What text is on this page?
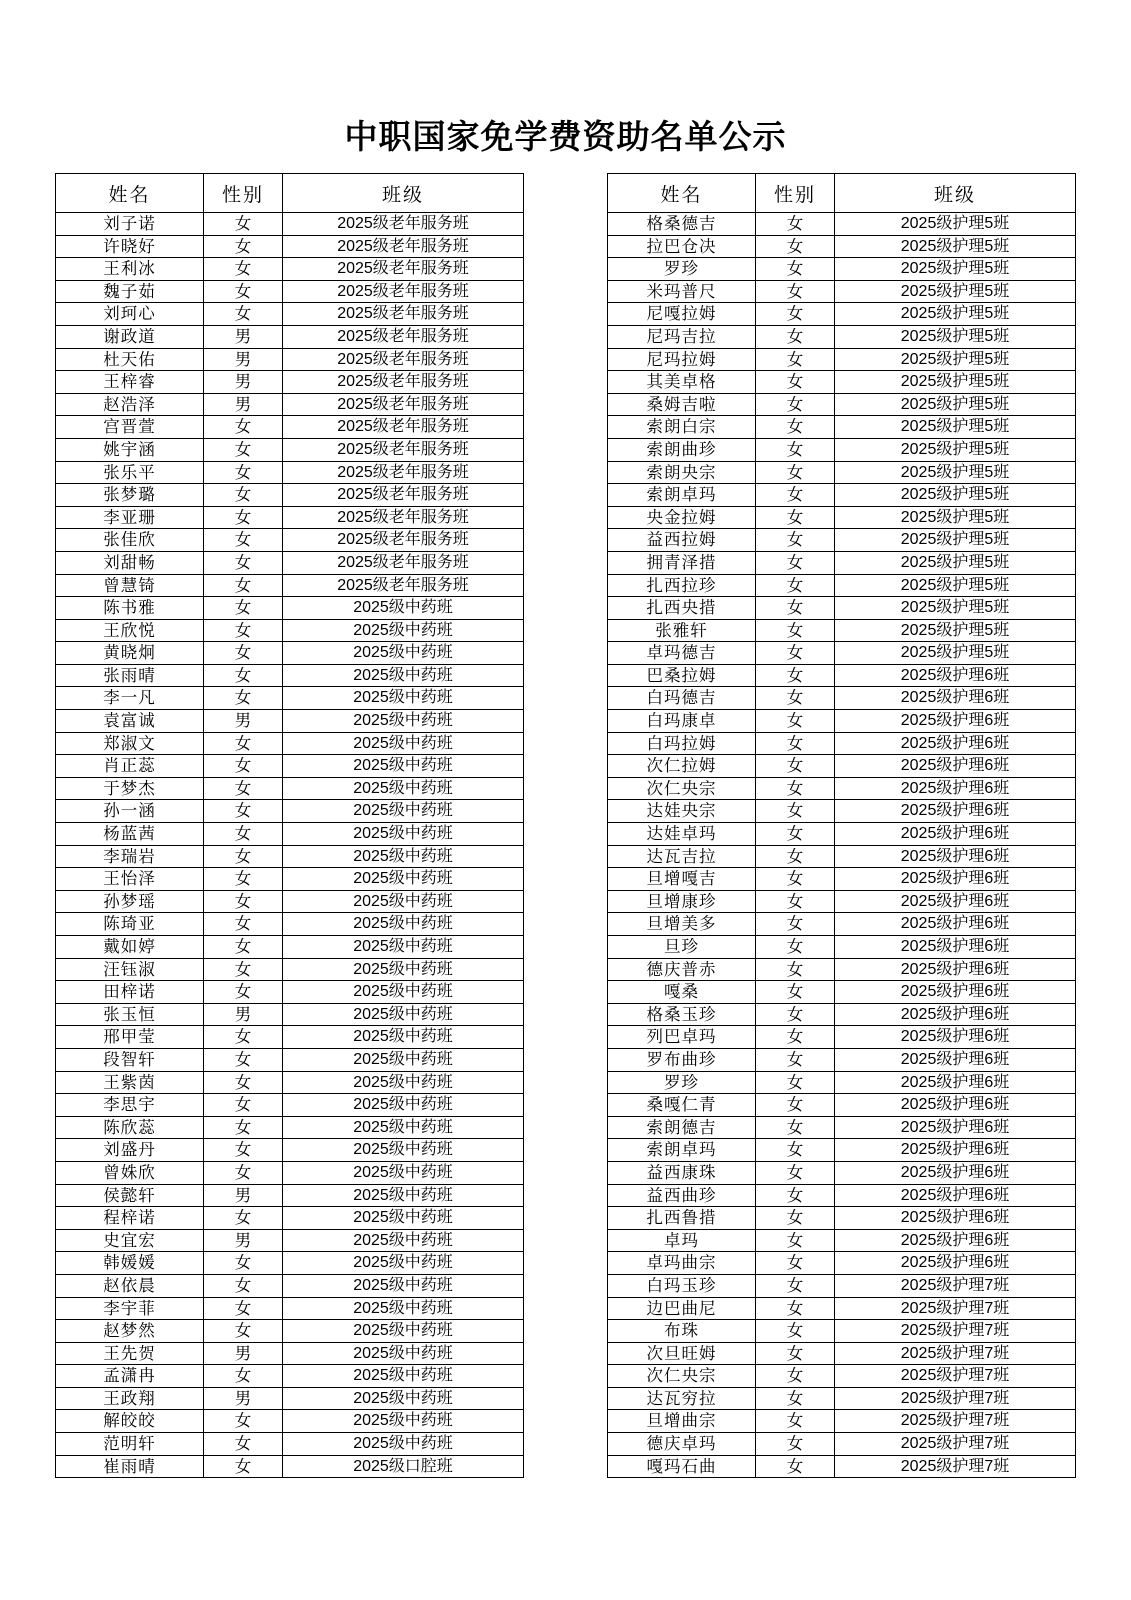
中职国家免学费资助名单公示
姓名	性别	班级
刘子诺	女	2025级老年服务班
许晓好	女	2025级老年服务班
王利冰	女	2025级老年服务班
魏子茹	女	2025级老年服务班
刘珂心	女	2025级老年服务班
谢政道	男	2025级老年服务班
杜天佑	男	2025级老年服务班
王梓睿	男	2025级老年服务班
赵浩泽	男	2025级老年服务班
宫晋萱	女	2025级老年服务班
姚宇涵	女	2025级老年服务班
张乐平	女	2025级老年服务班
张梦璐	女	2025级老年服务班
李亚珊	女	2025级老年服务班
张佳欣	女	2025级老年服务班
刘甜畅	女	2025级老年服务班
曾慧锜	女	2025级老年服务班
陈书雅	女	2025级中药班
王欣悦	女	2025级中药班
黄晓炯	女	2025级中药班
张雨晴	女	2025级中药班
李一凡	女	2025级中药班
袁富诚	男	2025级中药班
郑淑文	女	2025级中药班
肖正蕊	女	2025级中药班
于梦杰	女	2025级中药班
孙一涵	女	2025级中药班
杨蓝茜	女	2025级中药班
李瑞岩	女	2025级中药班
王怡泽	女	2025级中药班
孙梦瑶	女	2025级中药班
陈琦亚	女	2025级中药班
戴如婷	女	2025级中药班
汪钰淑	女	2025级中药班
田梓诺	女	2025级中药班
张玉恒	男	2025级中药班
邢甲莹	女	2025级中药班
段智轩	女	2025级中药班
王紫茵	女	2025级中药班
李思宇	女	2025级中药班
陈欣蕊	女	2025级中药班
刘盛丹	女	2025级中药班
曾姝欣	女	2025级中药班
侯懿轩	男	2025级中药班
程梓诺	女	2025级中药班
史宜宏	男	2025级中药班
韩媛媛	女	2025级中药班
赵依晨	女	2025级中药班
李宇菲	女	2025级中药班
赵梦然	女	2025级中药班
王先贺	男	2025级中药班
孟潇冉	女	2025级中药班
王政翔	男	2025级中药班
解皎皎	女	2025级中药班
范明轩	女	2025级中药班
崔雨晴	女	2025级口腔班
姓名	性别	班级
格桑德吉	女	2025级护理5班
拉巴仓决	女	2025级护理5班
罗珍	女	2025级护理5班
米玛普尺	女	2025级护理5班
尼嘎拉姆	女	2025级护理5班
尼玛吉拉	女	2025级护理5班
尼玛拉姆	女	2025级护理5班
其美卓格	女	2025级护理5班
桑姆吉啦	女	2025级护理5班
索朗白宗	女	2025级护理5班
索朗曲珍	女	2025级护理5班
索朗央宗	女	2025级护理5班
索朗卓玛	女	2025级护理5班
央金拉姆	女	2025级护理5班
益西拉姆	女	2025级护理5班
拥青泽措	女	2025级护理5班
扎西拉珍	女	2025级护理5班
扎西央措	女	2025级护理5班
张雅轩	女	2025级护理5班
卓玛德吉	女	2025级护理5班
巴桑拉姆	女	2025级护理6班
白玛德吉	女	2025级护理6班
白玛康卓	女	2025级护理6班
白玛拉姆	女	2025级护理6班
次仁拉姆	女	2025级护理6班
次仁央宗	女	2025级护理6班
达娃央宗	女	2025级护理6班
达娃卓玛	女	2025级护理6班
达瓦吉拉	女	2025级护理6班
旦增嘎吉	女	2025级护理6班
旦增康珍	女	2025级护理6班
旦增美多	女	2025级护理6班
旦珍	女	2025级护理6班
德庆普赤	女	2025级护理6班
嘎桑	女	2025级护理6班
格桑玉珍	女	2025级护理6班
列巴卓玛	女	2025级护理6班
罗布曲珍	女	2025级护理6班
罗珍	女	2025级护理6班
桑嘎仁青	女	2025级护理6班
索朗德吉	女	2025级护理6班
索朗卓玛	女	2025级护理6班
益西康珠	女	2025级护理6班
益西曲珍	女	2025级护理6班
扎西鲁措	女	2025级护理6班
卓玛	女	2025级护理6班
卓玛曲宗	女	2025级护理6班
白玛玉珍	女	2025级护理7班
边巴曲尼	女	2025级护理7班
布珠	女	2025级护理7班
次旦旺姆	女	2025级护理7班
次仁央宗	女	2025级护理7班
达瓦穷拉	女	2025级护理7班
旦增曲宗	女	2025级护理7班
德庆卓玛	女	2025级护理7班
嘎玛石曲	女	2025级护理7班
